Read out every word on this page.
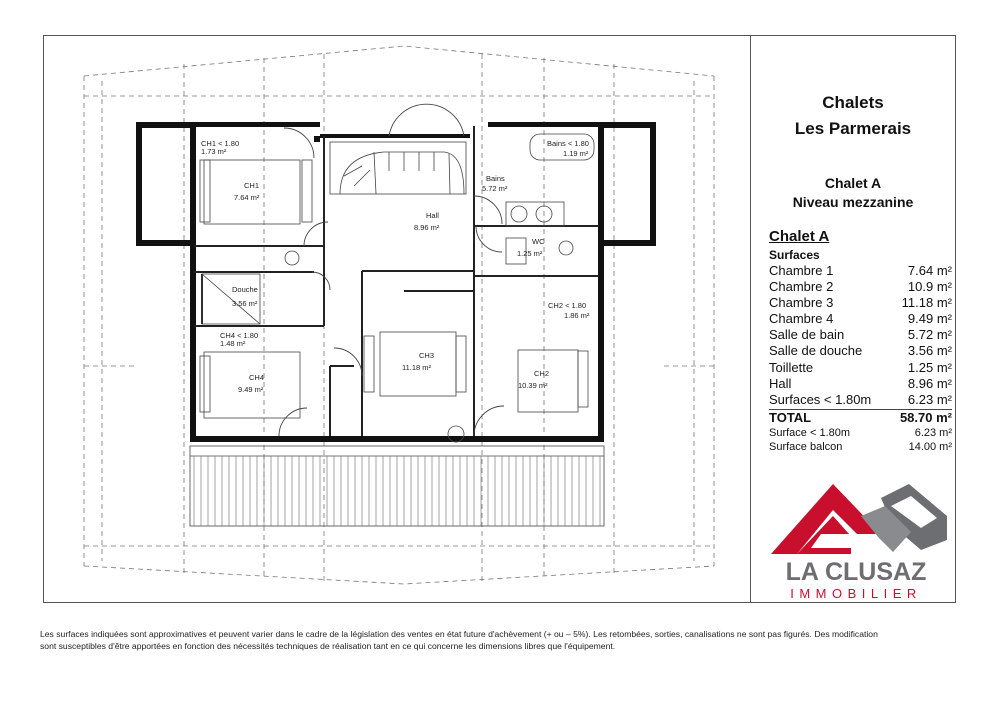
CH1 < 1.80
1.73 m²
CH1
7.64 m²
Hall
8.96 m²
Bains < 1.80
1.19 m²
Bains
5.72 m²
WC
1.25 m²
Douche
3.56 m²
CH4 < 1.80
1.48 m²
CH4
9.49 m²
CH3
11.18 m²
CH2 < 1.80
1.86 m²
CH2
10.39 m²
Chalets
Les Parmerais
Chalet A
Niveau mezzanine
Chalet A
Surfaces
Chambre 1	7.64 m²
Chambre 2	10.9 m²
Chambre 3	11.18 m²
Chambre 4	9.49 m²
Salle de bain	5.72 m²
Salle de douche	3.56 m²
Toillette	1.25 m²
Hall	8.96 m²
Surfaces < 1.80m	6.23 m²
TOTAL	58.70 m²
Surface < 1.80m	6.23 m²
Surface balcon	14.00 m²
LA CLUSAZ
IMMOBILIER
Les surfaces indiquées sont approximatives et peuvent varier dans le cadre de la législation des ventes en état future d'achèvement (+ ou – 5%). Les retombées, sorties, canalisations ne sont pas figurés. Des modification
sont susceptibles d'être apportées en fonction des nécessités techniques de réalisation tant en ce qui concerne les dimensions libres que l'équipement.
